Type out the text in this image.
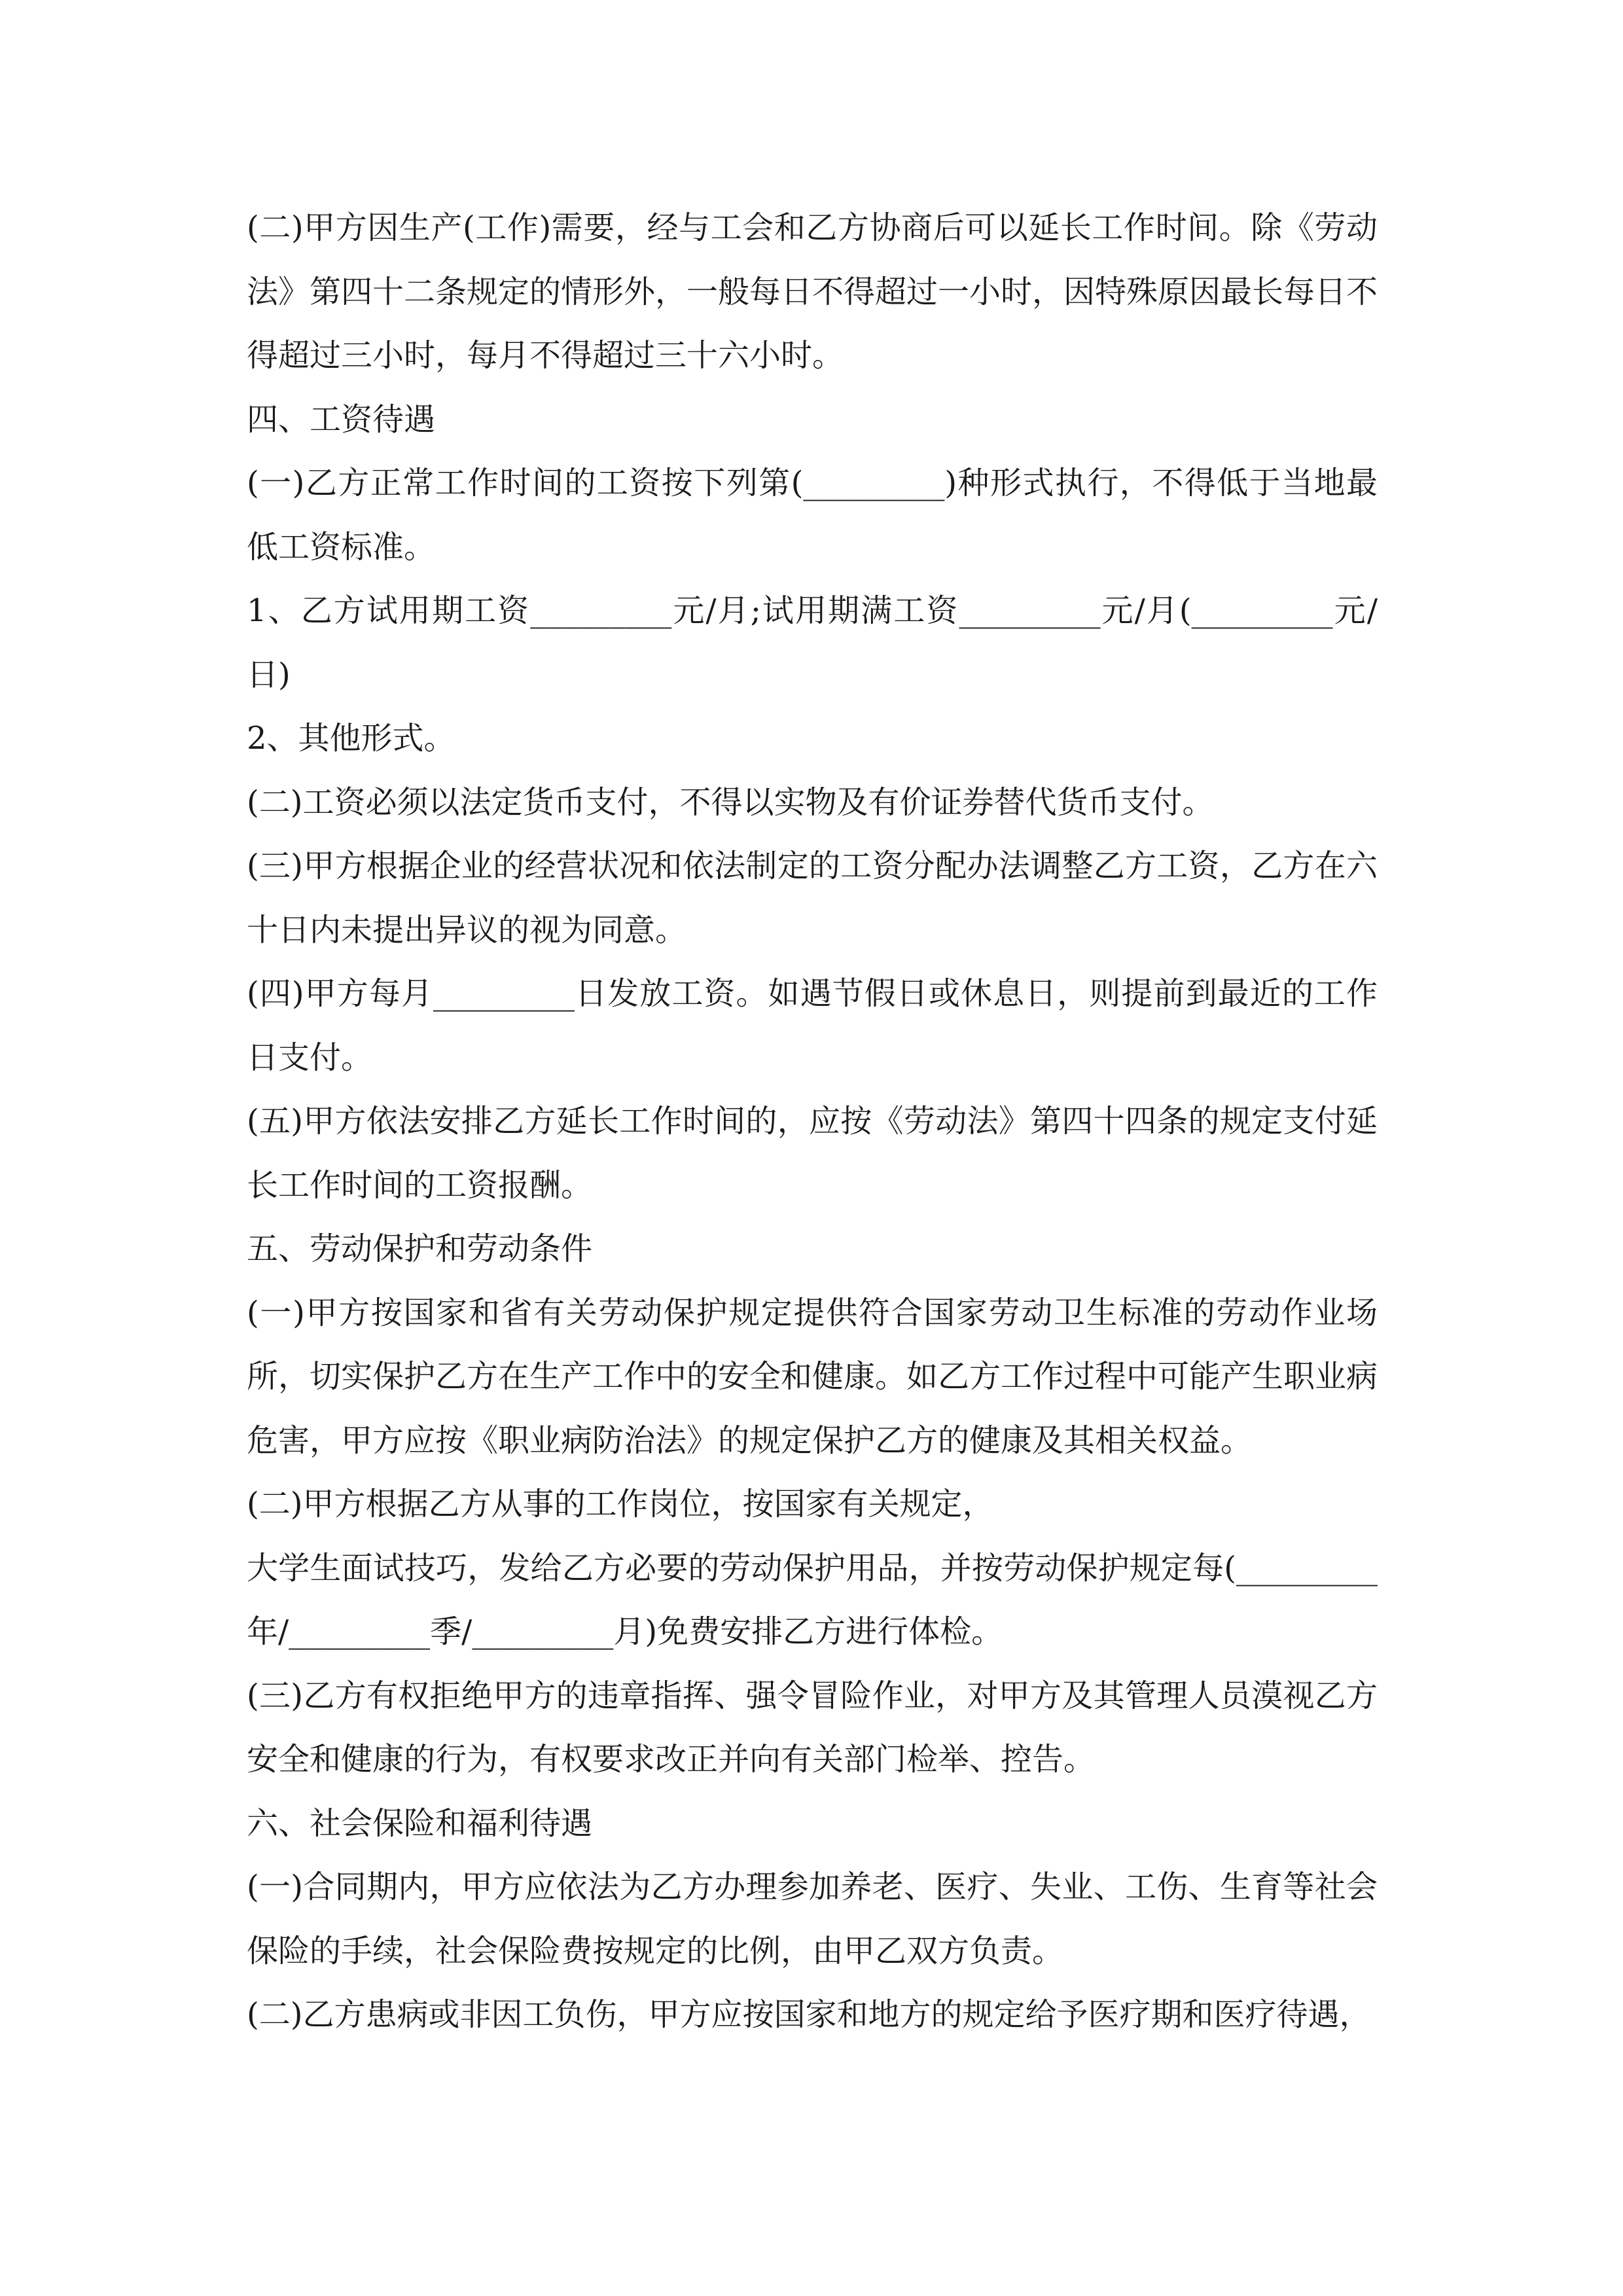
(二)甲方因生产(工作)需要，经与工会和乙方协商后可以延长工作时间。除《劳动法》第四十二条规定的情形外，一般每日不得超过一小时，因特殊原因最长每日不得超过三小时，每月不得超过三十六小时。

四、工资待遇

(一)乙方正常工作时间的工资按下列第(_________)种形式执行，不得低于当地最低工资标准。

1、乙方试用期工资_________元/月;试用期满工资_________元/月(_________元/日)

2、其他形式。

(二)工资必须以法定货币支付，不得以实物及有价证券替代货币支付。

(三)甲方根据企业的经营状况和依法制定的工资分配办法调整乙方工资，乙方在六十日内未提出异议的视为同意。

(四)甲方每月_________日发放工资。如遇节假日或休息日，则提前到最近的工作日支付。

(五)甲方依法安排乙方延长工作时间的，应按《劳动法》第四十四条的规定支付延长工作时间的工资报酬。

五、劳动保护和劳动条件

(一)甲方按国家和省有关劳动保护规定提供符合国家劳动卫生标准的劳动作业场所，切实保护乙方在生产工作中的安全和健康。如乙方工作过程中可能产生职业病危害，甲方应按《职业病防治法》的规定保护乙方的健康及其相关权益。

(二)甲方根据乙方从事的工作岗位，按国家有关规定，

大学生面试技巧，发给乙方必要的劳动保护用品，并按劳动保护规定每(_________年/_________季/_________月)免费安排乙方进行体检。

(三)乙方有权拒绝甲方的违章指挥、强令冒险作业，对甲方及其管理人员漠视乙方安全和健康的行为，有权要求改正并向有关部门检举、控告。

六、社会保险和福利待遇

(一)合同期内，甲方应依法为乙方办理参加养老、医疗、失业、工伤、生育等社会保险的手续，社会保险费按规定的比例，由甲乙双方负责。

(二)乙方患病或非因工负伤，甲方应按国家和地方的规定给予医疗期和医疗待遇，
